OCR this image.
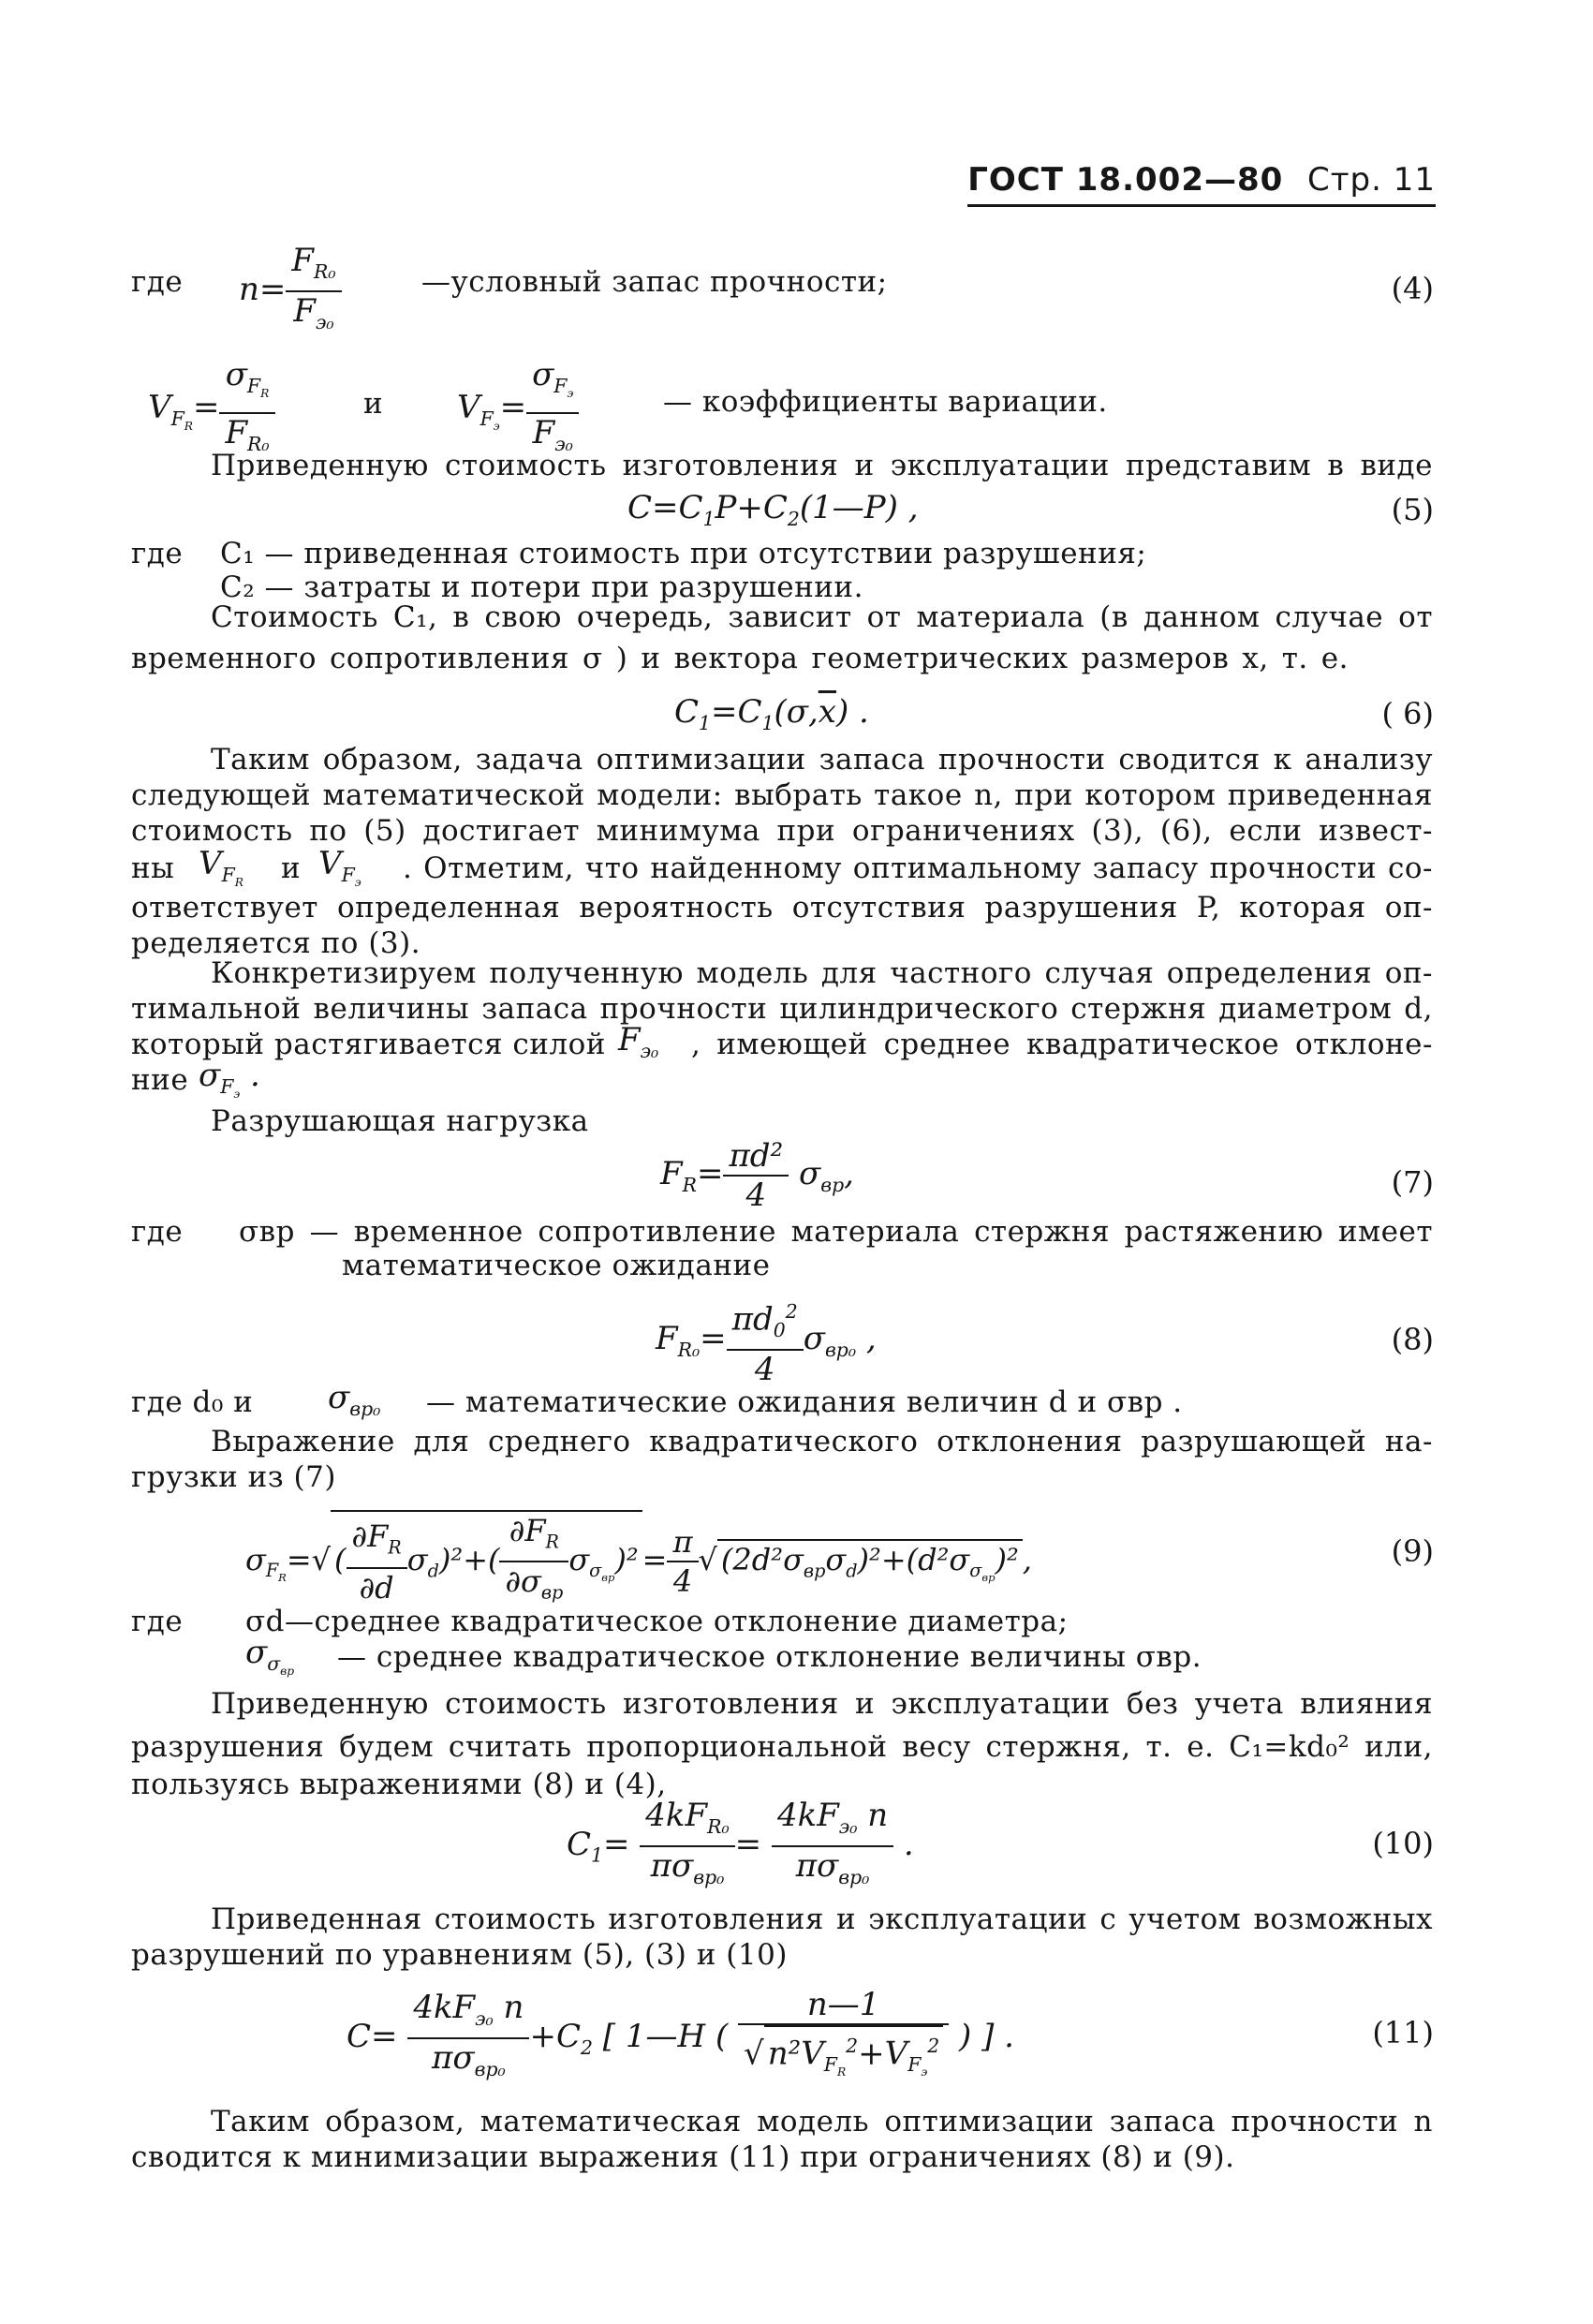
ГОСТ 18.002—80 Стр. 11

где $n= \frac{F_{R_0}}{F_{э_0}}$	—условный запас прочности;	(4)

$V_{F_R}= \frac{\sigma_{F_R}}{F_{R_0}}$	и $V_{F_э}= \frac{\sigma_{F_э}}{F_{э_0}}$	— коэффициенты вариации.

Приведенную стоимость изготовления и эксплуатации представим в виде

$C=C_1P+C_2(1—P)$ ,	(5)

где C₁ — приведенная стоимость при отсутствии разрушения;

C₂ — затраты и потери при разрушении.

Стоимость C₁, в свою очередь, зависит от материала (в данном случае от

временного сопротивления σ ) и вектора геометрических размеров x, т. е.

$C_1=C_1(\sigma,\overline{x})$ .	( 6)

Таким образом, задача оптимизации запаса прочности сводится к анализу

следующей математической модели: выбрать такое n, при котором приведенная

стоимость по (5) достигает минимума при ограничениях (3), (6), если извест-

ны $V_{F_R}$ и $V_{F_э}$ . Отметим, что найденному оптимальному запасу прочности со-

ответствует определенная вероятность отсутствия разрушения P, которая оп-

ределяется по (3).

Конкретизируем полученную модель для частного случая определения оп-

тимальной величины запаса прочности цилиндрического стержня диаметром d,

который растягивается силой $F_{э_0}$ , имеющей среднее квадратическое отклоне-

ние $\sigma_{F_э}$ .

Разрушающая нагрузка

$F_R= \frac{\text{πd²}}{4} \sigma_{вр}$,	(7)

где σвр — временное сопротивление материала стержня растяжению имеет

математическое ожидание

$F_{R_0}= \frac{\pi d_0^2}{4} \sigma_{вр_0}$ ,	(8)

где d₀ и $\sigma_{вр_0}$ — математические ожидания величин d и σвр .

Выражение для среднего квадратического отклонения разрушающей на-

грузки из (7)

$\sigma_{F_R}=√$ ( $\frac{\partial F_R}{\partial d} \sigma_d)^2+( \frac{\partial F_R}{\partial\sigma_{вр}} \sigma_{\sigma_{вр}})^2 = \frac{\pi}{4}$ √ $(2d^2\sigma_{вр}\sigma_d)^2+(d^2\sigma_{\sigma_{вр}})^2$ ,	(9)

где σd—среднее квадратическое отклонение диаметра;

$\sigma_{\sigma_{вр}}$ — среднее квадратическое отклонение величины σвр.

Приведенную стоимость изготовления и эксплуатации без учета влияния

разрушения будем считать пропорциональной весу стержня, т. е. C₁=kd₀² или,

пользуясь выражениями (8) и (4),

$C_1= \frac{4kF_{R_0}}{\pi\sigma_{вр_0}} = \frac{4kF_{э_0} n}{\pi\sigma_{вр_0}}$ .	(10)

Приведенная стоимость изготовления и эксплуатации с учетом возможных

разрушений по уравнениям (5), (3) и (10)

$C= \frac{4kF_{э_0} n}{\pi\sigma_{вр_0}} +C_2$ [ 1—H ( $\frac{n—1}{√ n^2V_{F_R}^2+V_{F_э}^2}$ ) ] .	(11)

Таким образом, математическая модель оптимизации запаса прочности n

сводится к минимизации выражения (11) при ограничениях (8) и (9).
